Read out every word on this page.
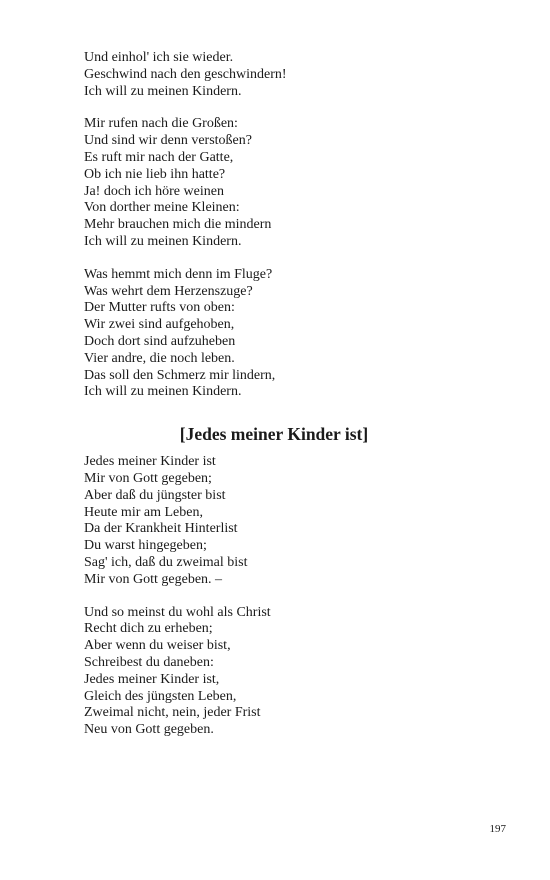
Und einhol' ich sie wieder.
Geschwind nach den geschwindern!
Ich will zu meinen Kindern.
Mir rufen nach die Großen:
Und sind wir denn verstoßen?
Es ruft mir nach der Gatte,
Ob ich nie lieb ihn hatte?
Ja! doch ich höre weinen
Von dorther meine Kleinen:
Mehr brauchen mich die mindern
Ich will zu meinen Kindern.
Was hemmt mich denn im Fluge?
Was wehrt dem Herzenszuge?
Der Mutter rufts von oben:
Wir zwei sind aufgehoben,
Doch dort sind aufzuheben
Vier andre, die noch leben.
Das soll den Schmerz mir lindern,
Ich will zu meinen Kindern.
[Jedes meiner Kinder ist]
Jedes meiner Kinder ist
Mir von Gott gegeben;
Aber daß du jüngster bist
Heute mir am Leben,
Da der Krankheit Hinterlist
Du warst hingegeben;
Sag' ich, daß du zweimal bist
Mir von Gott gegeben. –
Und so meinst du wohl als Christ
Recht dich zu erheben;
Aber wenn du weiser bist,
Schreibest du daneben:
Jedes meiner Kinder ist,
Gleich des jüngsten Leben,
Zweimal nicht, nein, jeder Frist
Neu von Gott gegeben.
197
